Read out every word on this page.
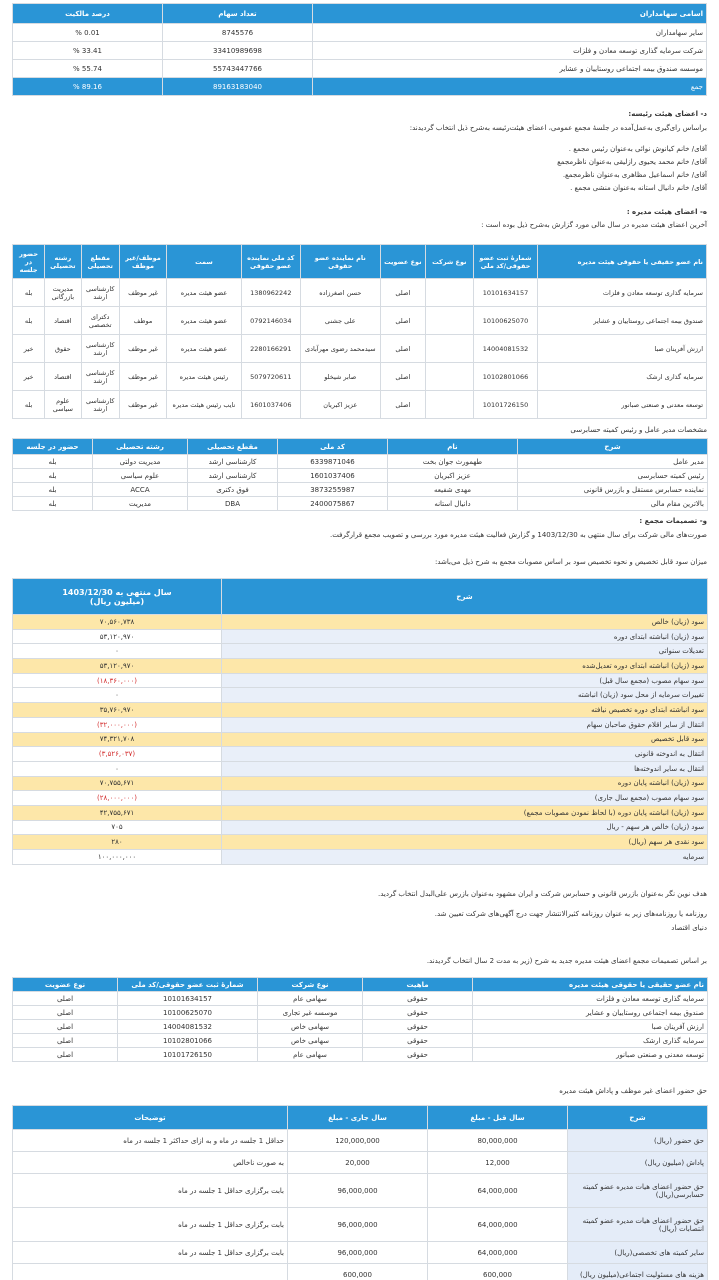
درصد مالکیت	تعداد سهام	اسامی سهامداران
% 0.01	8745576	سایر سهامداران
% 33.41	33410989698	شرکت سرمایه گذاری توسعه معادن و فلزات
% 55.74	55743447766	موسسه صندوق بیمه اجتماعی روستاییان و عشایر
% 89.16	89163183040	جمع
د- اعضای هیئت رئیسه:
براساس رای‌گیری به‌عمل‌آمده در جلسهٔ مجمع عمومی، اعضای هیئت‌رئیسه به‌شرح ذیل انتخاب گردیدند:
آقای/ خانم کیانوش نوائی به‌عنوان رئیس مجمع .
آقای/ خانم محمد یحیوی رازلیقی به‌عنوان ناظرمجمع
آقای/ خانم اسماعیل مظاهری به‌عنوان ناظرمجمع.
آقای/ خانم دانیال استانه به‌عنوان منشی مجمع .
ه- اعضای هیئت مدیره :
آخرین اعضای هیئت مدیره در سال مالی مورد گزارش به‌شرح ذیل بوده است :
نام عضو حقیقی یا حقوقی هیئت مدیره	شمارهٔ ثبت عضو حقوقی/کد ملی	نوع شرکت	نوع عضویت	نام نماینده عضو حقوقی	کد ملی نماینده عضو حقوقی	سمت	موظف/غیر موظف	مقطع تحصیلی	رشته تحصیلی	حضور در جلسه
سرمایه گذاری توسعه معادن و فلزات	10101634157		اصلی	حسن اصغرزاده	1380962242	عضو هیئت مدیره	غیر موظف	کارشناسی ارشد	مدیریت بازرگانی	بله
صندوق بیمه اجتماعی روستاییان و عشایر	10100625070		اصلی	علی جشنی	0792146034	عضو هیئت مدیره	موظف	دکترای تخصصی	اقتصاد	بله
ارزش آفرینان صبا	14004081532		اصلی	سیدمحمد رضوی مهرآبادی	2280166291	عضو هیئت مدیره	غیر موظف	کارشناسی ارشد	حقوق	خیر
سرمایه گذاری ارشک	10102801066		اصلی	صابر شیخلو	5079720611	رئیس هیئت مدیره	غیر موظف	کارشناسی ارشد	اقتصاد	خیر
توسعه معدنی و صنعتی صبانور	10101726150		اصلی	عزیز اکبریان	1601037406	نایب رئیس هیئت مدیره	غیر موظف	کارشناسی ارشد	علوم سیاسی	بله
مشخصات مدیر عامل و رئیس کمیته حسابرسی
شرح	نام	کد ملی	مقطع تحصیلی	رشته تحصیلی	حضور در جلسه
مدیر عامل	طهمورث جوان بخت	6339871046	کارشناسی ارشد	مدیریت دولتی	بله
رئیس کمیته حسابرسی	عزیز اکبریان	1601037406	کارشناسی ارشد	علوم سیاسی	بله
نماینده حسابرس مستقل و بازرس قانونی	مهدی شفیعه	3873255987	فوق دکتری	ACCA	بله
بالاترین مقام مالی	دانیال استانه	2400075867	DBA	مدیریت	بله
و- تصمیمات مجمع :
صورت‌های مالی شرکت برای سال منتهی به 1403/12/30 و گزارش فعالیت هیئت مدیره مورد بررسی و تصویب مجمع قرارگرفت.
میزان سود قابل تخصیص و نحوه تخصیص سود بر اساس مصوبات مجمع به شرح ذیل می‌باشد:
شرح	سال منتهی به 1403/12/30
(میلیون ریال)

سود (زیان) خالص	۷۰,۵۶۰,۷۳۸
سود (زیان) انباشته ابتدای دوره	۵۳,۱۲۰,۹۷۰
تعدیلات سنواتی	۰
سود (زیان) انباشته ابتدای دوره تعدیل‌شده	۵۳,۱۲۰,۹۷۰
سود سهام مصوب (مجمع سال قبل)	(۱۸,۳۶۰,۰۰۰)
تغییرات سرمایه از محل سود (زیان) انباشته	۰
سود انباشته ابتدای دوره تخصیص نیافته	۳۵,۷۶۰,۹۷۰
انتقال از سایر اقلام حقوق صاحبان سهام	(۳۲,۰۰۰,۰۰۰)
سود قابل تخصیص	۷۴,۳۲۱,۷۰۸
انتقال به اندوخته قانونی	(۳,۵۲۶,۰۳۷)
انتقال به سایر اندوخته‌ها	۰
سود (زیان) انباشته پایان دوره	۷۰,۷۵۵,۶۷۱
سود سهام مصوب (مجمع سال جاری)	(۲۸,۰۰۰,۰۰۰)
سود (زیان) انباشته پایان دوره (با لحاظ نمودن مصوبات مجمع)	۴۲,۷۵۵,۶۷۱
سود (زیان) خالص هر سهم - ریال	۷۰۵
سود نقدی هر سهم (ریال)	۲۸۰
سرمایه	۱۰۰,۰۰۰,۰۰۰
هدف نوین نگر به‌عنوان بازرس قانونی و حسابرس شرکت و ایران مشهود به‌عنوان بازرس علی‌البدل انتخاب گردید.
روزنامه یا روزنامه‌های زیر به عنوان روزنامه کثیرالانتشار جهت درج آگهی‌های شرکت تعیین شد.
دنیای اقتصاد
بر اساس تصمیمات مجمع اعضای هیئت مدیره جدید به شرح (زیر به مدت 2 سال انتخاب گردیدند.
نام عضو حقیقی یا حقوقی هیئت مدیره	ماهیت	نوع شرکت	شمارهٔ ثبت عضو حقوقی/کد ملی	نوع عضویت
سرمایه گذاری توسعه معادن و فلزات	حقوقی	سهامی عام	10101634157	اصلی
صندوق بیمه اجتماعی روستاییان و عشایر	حقوقی	موسسه غیر تجاری	10100625070	اصلی
ارزش آفرینان صبا	حقوقی	سهامی خاص	14004081532	اصلی
سرمایه گذاری ارشک	حقوقی	سهامی خاص	10102801066	اصلی
توسعه معدنی و صنعتی صبانور	حقوقی	سهامی عام	10101726150	اصلی
حق حضور اعضای غیر موظف و پاداش هیئت مدیره
شرح	سال قبل - مبلغ	سال جاری - مبلغ	توضیحات
حق حضور (ریال)	80,000,000	120,000,000	حداقل 1 جلسه در ماه و به ازای حداکثر 1 جلسه در ماه
پاداش (میلیون ریال)	12,000	20,000	به صورت ناخالص
حق حضور اعضای هیات مدیره عضو کمیته حسابرسی(ریال)	64,000,000	96,000,000	بابت برگزاری حداقل 1 جلسه در ماه
حق حضور اعضای هیات مدیره عضو کمیته انتصابات (ریال)	64,000,000	96,000,000	بابت برگزاری حداقل 1 جلسه در ماه
سایر کمیته های تخصصی(ریال)	64,000,000	96,000,000	بابت برگزاری حداقل 1 جلسه در ماه
هزینه های مسئولیت اجتماعی(میلیون ریال)	600,000	600,000	
